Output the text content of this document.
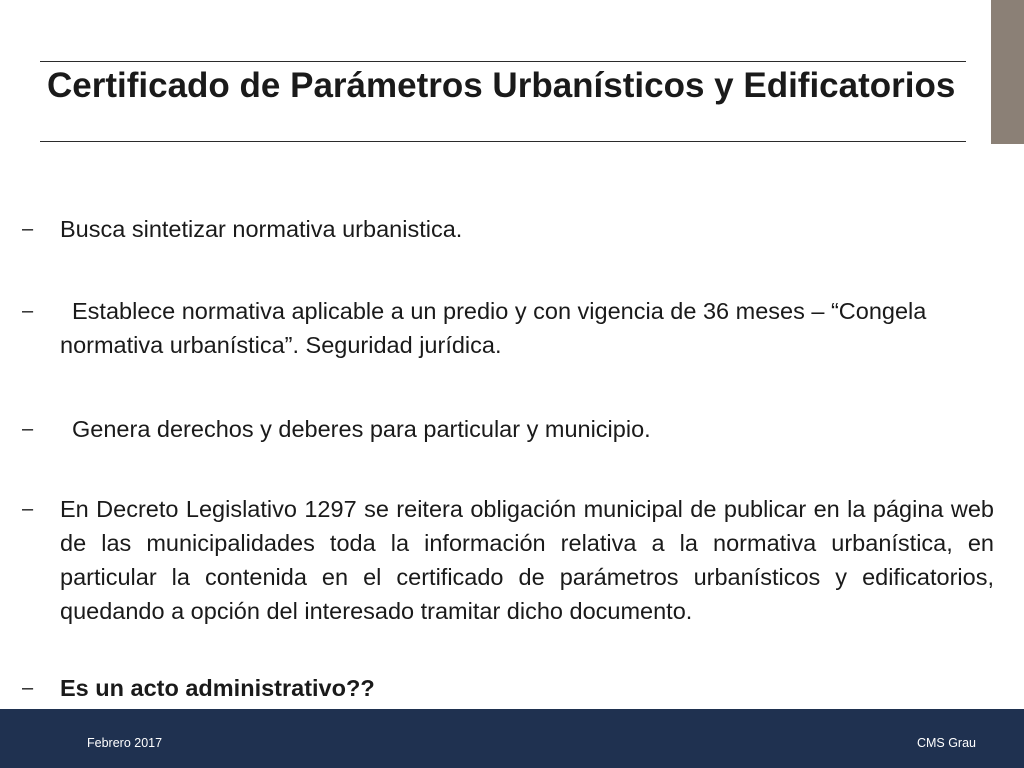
Certificado de Parámetros Urbanísticos y Edificatorios
–	Busca sintetizar normativa urbanistica.
–	Establece normativa aplicable a un predio y con vigencia de 36 meses – “Congela normativa urbanística”. Seguridad jurídica.
–	Genera derechos y deberes para particular y municipio.
–	En Decreto Legislativo 1297 se reitera obligación municipal de publicar en la página web de las municipalidades toda la información relativa a la normativa urbanística, en particular la contenida en el certificado de parámetros urbanísticos y edificatorios, quedando a opción del interesado tramitar dicho documento.
–	Es un acto administrativo??
Febrero 2017	CMS Grau
